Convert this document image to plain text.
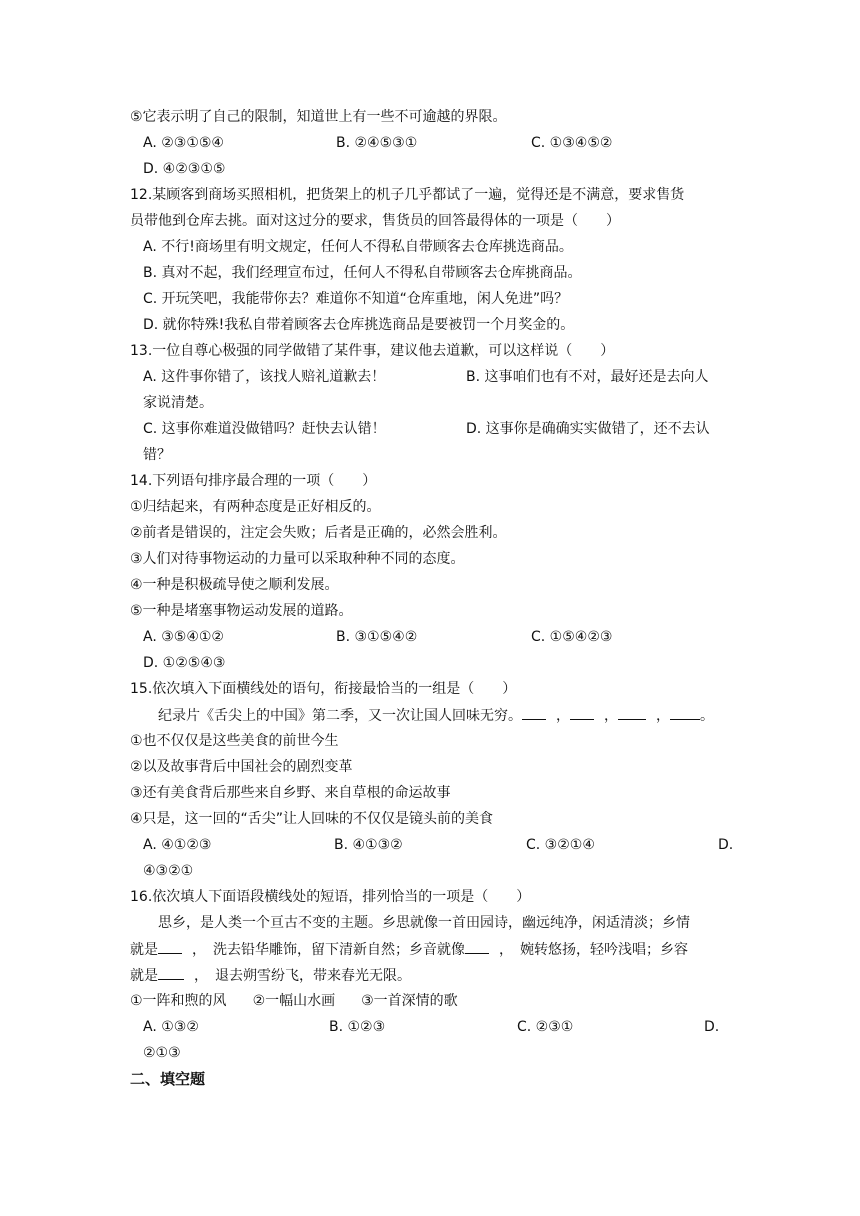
⑤它表示明了自己的限制，知道世上有一些不可逾越的界限。
A. ②③①⑤④	B. ②④⑤③①	C. ①③④⑤②
D. ④②③①⑤
12.某顾客到商场买照相机，把货架上的机子几乎都试了一遍，觉得还是不满意，要求售货
员带他到仓库去挑。面对这过分的要求，售货员的回答最得体的一项是（　　）
A. 不行!商场里有明文规定，任何人不得私自带顾客去仓库挑选商品。
B. 真对不起，我们经理宣布过，任何人不得私自带顾客去仓库挑商品。
C. 开玩笑吧，我能带你去？难道你不知道“仓库重地，闲人免进”吗？
D. 就你特殊!我私自带着顾客去仓库挑选商品是要被罚一个月奖金的。
13.一位自尊心极强的同学做错了某件事，建议他去道歉，可以这样说（　　）
A. 这件事你错了，该找人赔礼道歉去！	B. 这事咱们也有不对，最好还是去向人
家说清楚。
C. 这事你难道没做错吗？赶快去认错！	D. 这事你是确确实实做错了，还不去认
错？
14.下列语句排序最合理的一项（　　）
①归结起来，有两种态度是正好相反的。
②前者是错误的，注定会失败；后者是正确的，必然会胜利。
③人们对待事物运动的力量可以采取种种不同的态度。
④一种是积极疏导使之顺利发展。
⑤一种是堵塞事物运动发展的道路。
A. ③⑤④①②	B. ③①⑤④②	C. ①⑤④②③
D. ①②⑤④③
15.依次填入下面横线处的语句，衔接最恰当的一组是（　　）
纪录片《舌尖上的中国》第二季，又一次让国人回味无穷。 ， ，	， 。
①也不仅仅是这些美食的前世今生
②以及故事背后中国社会的剧烈变革
③还有美食背后那些来自乡野、来自草根的命运故事
④只是，这一回的“舌尖”让人回味的不仅仅是镜头前的美食
A. ④①②③	B. ④①③②	C. ③②①④	D.
④③②①
16.依次填人下面语段横线处的短语，排列恰当的一项是（　　）
思乡，是人类一个亘古不变的主题。乡思就像一首田园诗，幽远纯净，闲适清淡；乡情
就是 ，　洗去铅华雕饰，留下清新自然；乡音就像 ，　婉转悠扬，轻吟浅唱；乡容
就是	，　退去朔雪纷飞，带来春光无限。
①一阵和煦的风 ②一幅山水画 ③一首深情的歌
A. ①③②	B. ①②③	C. ②③①	D.
②①③
二、填空题
